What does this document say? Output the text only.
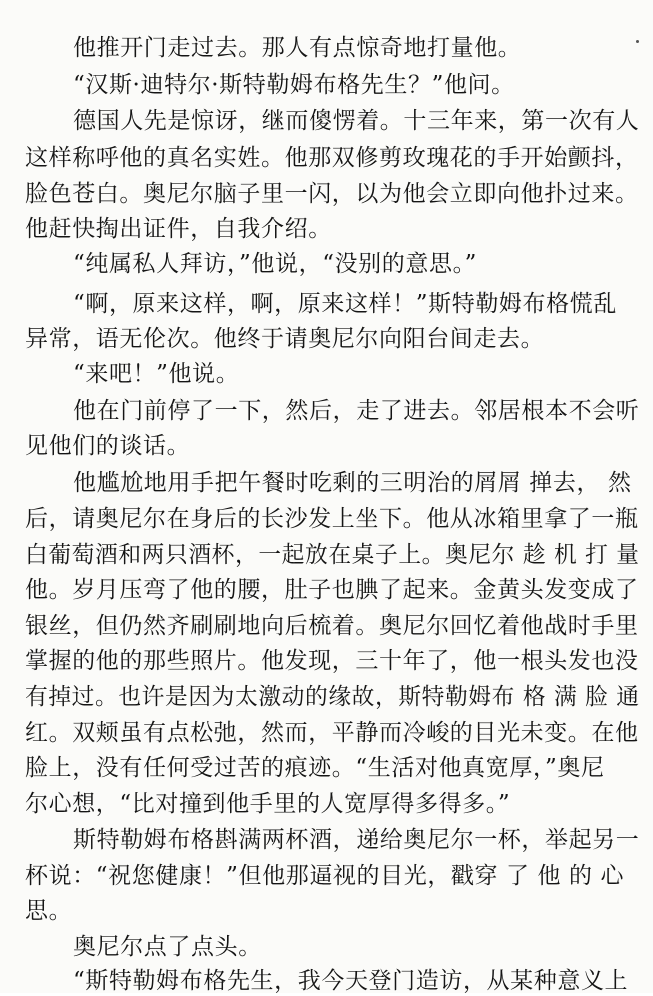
他推开门走过去。那人有点惊奇地打量他。
“汉斯·迪特尔·斯特勒姆布格先生？”他问。
德国人先是惊讶，继而傻愣着。十三年来，第一次有人
这样称呼他的真名实姓。他那双修剪玫瑰花的手开始颤抖，
脸色苍白。奥尼尔脑子里一闪，以为他会立即向他扑过来。
他赶快掏出证件，自我介绍。
“纯属私人拜访，”他说，“没别的意思。”
“啊，原来这样，啊，原来这样！”斯特勒姆布格慌乱
异常，语无伦次。他终于请奥尼尔向阳台间走去。
“来吧！”他说。
他在门前停了一下，然后，走了进去。邻居根本不会听
见他们的谈话。
他尴尬地用手把午餐时吃剩的三明治的屑屑 掸去， 然
后，请奥尼尔在身后的长沙发上坐下。他从冰箱里拿了一瓶
白葡萄酒和两只酒杯，一起放在桌子上。奥尼尔 趁 机 打 量
他。岁月压弯了他的腰，肚子也腆了起来。金黄头发变成了
银丝，但仍然齐刷刷地向后梳着。奥尼尔回忆着他战时手里
掌握的他的那些照片。他发现，三十年了，他一根头发也没
有掉过。也许是因为太激动的缘故，斯特勒姆布 格 满 脸 通
红。双颊虽有点松弛，然而，平静而冷峻的目光未变。在他
脸上，没有任何受过苦的痕迹。“生活对他真宽厚，”奥尼
尔心想，“比对撞到他手里的人宽厚得多得多。”
斯特勒姆布格斟满两杯酒，递给奥尼尔一杯，举起另一
杯说：“祝您健康！”但他那逼视的目光，戳穿 了 他 的 心
思。
奥尼尔点了点头。
“斯特勒姆布格先生，我今天登门造访，从某种意义上
